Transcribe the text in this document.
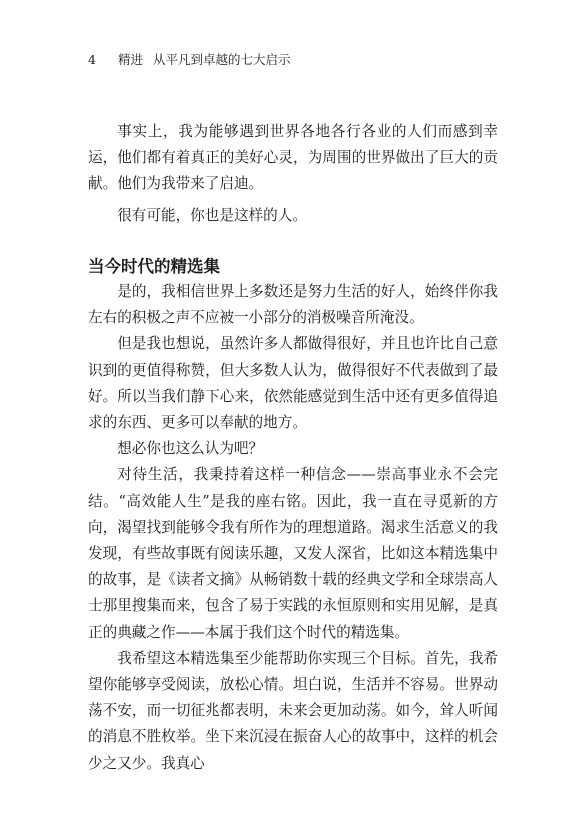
4 精进 从平凡到卓越的七大启示

事实上，我为能够遇到世界各地各行各业的人们而感到幸运，他们都有着真正的美好心灵，为周围的世界做出了巨大的贡献。他们为我带来了启迪。

很有可能，你也是这样的人。

当今时代的精选集

是的，我相信世界上多数还是努力生活的好人，始终伴你我左右的积极之声不应被一小部分的消极噪音所淹没。

但是我也想说，虽然许多人都做得很好，并且也许比自己意识到的更值得称赞，但大多数人认为，做得很好不代表做到了最好。所以当我们静下心来，依然能感觉到生活中还有更多值得追求的东西、更多可以奉献的地方。

想必你也这么认为吧？

对待生活，我秉持着这样一种信念——崇高事业永不会完结。“高效能人生”是我的座右铭。因此，我一直在寻觅新的方向，渴望找到能够令我有所作为的理想道路。渴求生活意义的我发现，有些故事既有阅读乐趣，又发人深省，比如这本精选集中的故事，是《读者文摘》从畅销数十载的经典文学和全球崇高人士那里搜集而来，包含了易于实践的永恒原则和实用见解，是真正的典藏之作——本属于我们这个时代的精选集。

我希望这本精选集至少能帮助你实现三个目标。首先，我希望你能够享受阅读，放松心情。坦白说，生活并不容易。世界动荡不安，而一切征兆都表明，未来会更加动荡。如今，耸人听闻的消息不胜枚举。坐下来沉浸在振奋人心的故事中，这样的机会少之又少。我真心
